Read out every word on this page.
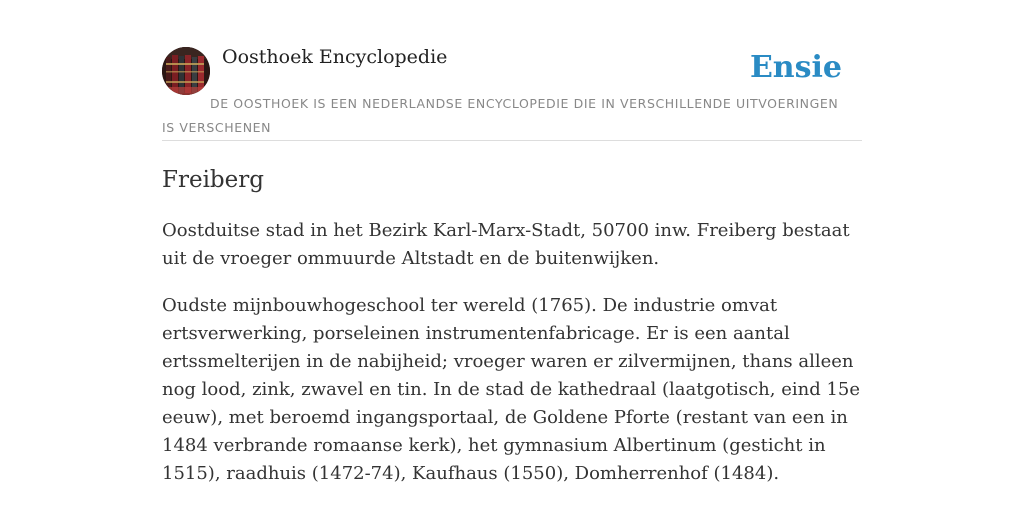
Oosthoek Encyclopedie	Ensie
DE OOSTHOEK IS EEN NEDERLANDSE ENCYCLOPEDIE DIE IN VERSCHILLENDE UITVOERINGEN IS VERSCHENEN
Freiberg

Oostduitse stad in het Bezirk Karl-Marx-Stadt, 50700 inw. Freiberg bestaat uit de vroeger ommuurde Altstadt en de buitenwijken.

Oudste mijnbouwhogeschool ter wereld (1765). De industrie omvat ertsverwerking, porseleinen instrumentenfabricage. Er is een aantal ertssmelterijen in de nabijheid; vroeger waren er zilvermijnen, thans alleen nog lood, zink, zwavel en tin. In de stad de kathedraal (laatgotisch, eind 15e eeuw), met beroemd ingangsportaal, de Goldene Pforte (restant van een in 1484 verbrande romaanse kerk), het gymnasium Albertinum (gesticht in 1515), raadhuis (1472-74), Kaufhaus (1550), Domherrenhof (1484).
